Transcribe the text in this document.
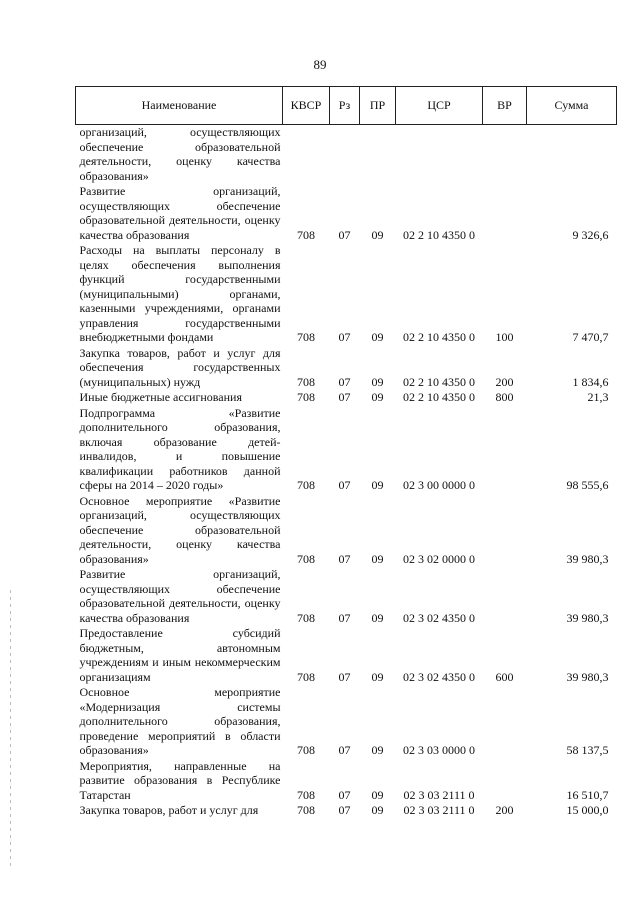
89
Наименование	КВСР	Рз	ПР	ЦСР	ВР	Сумма
организаций, осуществляющих обеспечение образовательной деятельности, оценку качества образования»						
Развитие организаций, осуществляющих обеспечение образовательной деятельности, оценку качества образования	708	07	09	02 2 10 4350 0		9 326,6
Расходы на выплаты персоналу в целях обеспечения выполнения функций государственными (муниципальными) органами, казенными учреждениями, органами управления государственными внебюджетными фондами	708	07	09	02 2 10 4350 0	100	7 470,7
Закупка товаров, работ и услуг для обеспечения государственных (муниципальных) нужд	708	07	09	02 2 10 4350 0	200	1 834,6
Иные бюджетные ассигнования	708	07	09	02 2 10 4350 0	800	21,3
Подпрограмма «Развитие дополнительного образования, включая образование детей-инвалидов, и повышение квалификации работников данной сферы на 2014 – 2020 годы»	708	07	09	02 3 00 0000 0		98 555,6
Основное мероприятие «Развитие организаций, осуществляющих обеспечение образовательной деятельности, оценку качества образования»	708	07	09	02 3 02 0000 0		39 980,3
Развитие организаций, осуществляющих обеспечение образовательной деятельности, оценку качества образования	708	07	09	02 3 02 4350 0		39 980,3
Предоставление субсидий бюджетным, автономным учреждениям и иным некоммерческим организациям	708	07	09	02 3 02 4350 0	600	39 980,3
Основное мероприятие «Модернизация системы дополнительного образования, проведение мероприятий в области образования»	708	07	09	02 3 03 0000 0		58 137,5
Мероприятия, направленные на развитие образования в Республике Татарстан	708	07	09	02 3 03 2111 0		16 510,7
Закупка товаров, работ и услуг для	708	07	09	02 3 03 2111 0	200	15 000,0
